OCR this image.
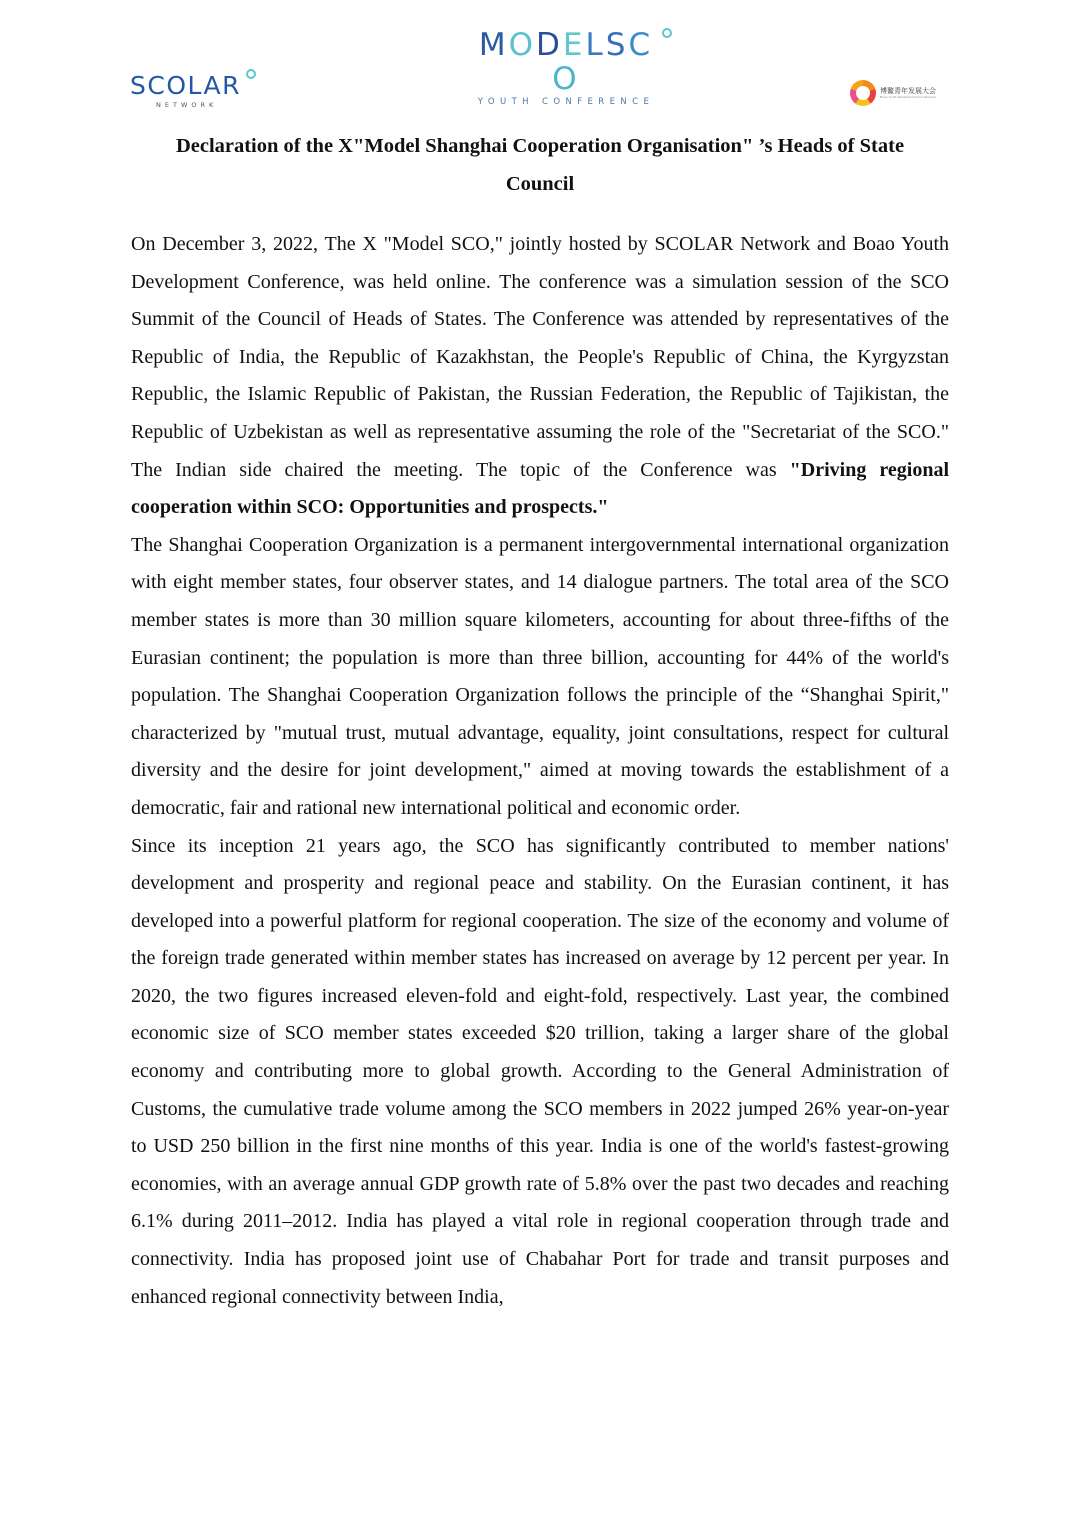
MODELSCO
YOUTH CONFERENCE
SCOLAR
NETWORK
博鳌青年发展大会
Boao Youth Development Conference
Declaration of the X"Model Shanghai Cooperation Organisation" ’s Heads of State
Council

On December 3, 2022, The X "Model SCO," jointly hosted by SCOLAR Network and Boao Youth Development Conference, was held online. The conference was a simulation session of the SCO Summit of the Council of Heads of States. The Conference was attended by representatives of the Republic of India, the Republic of Kazakhstan, the People's Republic of China, the Kyrgyzstan Republic, the Islamic Republic of Pakistan, the Russian Federation, the Republic of Tajikistan, the Republic of Uzbekistan as well as representative assuming the role of the "Secretariat of the SCO." The Indian side chaired the meeting. The topic of the Conference was "Driving regional cooperation within SCO: Opportunities and prospects."

The Shanghai Cooperation Organization is a permanent intergovernmental international organization with eight member states, four observer states, and 14 dialogue partners. The total area of the SCO member states is more than 30 million square kilometers, accounting for about three-fifths of the Eurasian continent; the population is more than three billion, accounting for 44% of the world's population. The Shanghai Cooperation Organization follows the principle of the “Shanghai Spirit," characterized by "mutual trust, mutual advantage, equality, joint consultations, respect for cultural diversity and the desire for joint development," aimed at moving towards the establishment of a democratic, fair and rational new international political and economic order.

Since its inception 21 years ago, the SCO has significantly contributed to member nations' development and prosperity and regional peace and stability. On the Eurasian continent, it has developed into a powerful platform for regional cooperation. The size of the economy and volume of the foreign trade generated within member states has increased on average by 12 percent per year. In 2020, the two figures increased eleven-fold and eight-fold, respectively. Last year, the combined economic size of SCO member states exceeded $20 trillion, taking a larger share of the global economy and contributing more to global growth. According to the General Administration of Customs, the cumulative trade volume among the SCO members in 2022 jumped 26% year-on-year to USD 250 billion in the first nine months of this year. India is one of the world's fastest-growing economies, with an average annual GDP growth rate of 5.8% over the past two decades and reaching 6.1% during 2011–2012. India has played a vital role in regional cooperation through trade and connectivity. India has proposed joint use of Chabahar Port for trade and transit purposes and enhanced regional connectivity between India,
